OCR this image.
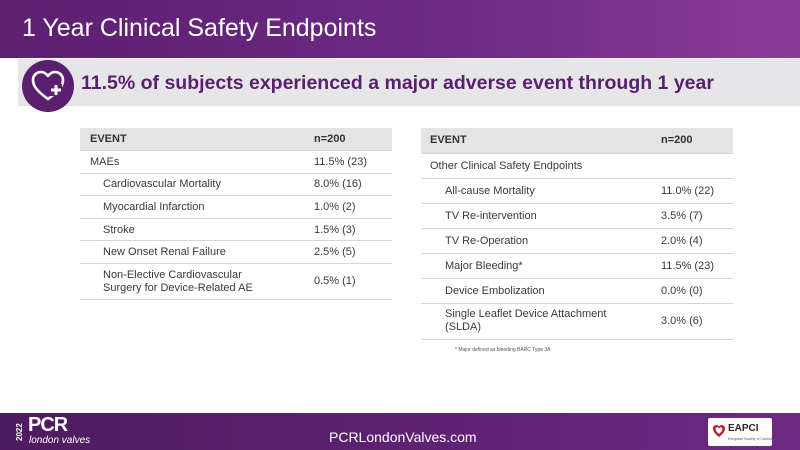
1 Year Clinical Safety Endpoints
11.5% of subjects experienced a major adverse event through 1 year
EVENT	n=200
MAEs	11.5% (23)
Cardiovascular Mortality	8.0% (16)
Myocardial Infarction	1.0% (2)
Stroke	1.5% (3)
New Onset Renal Failure	2.5% (5)
Non-Elective Cardiovascular
Surgery for Device-Related AE	0.5% (1)
EVENT	n=200
Other Clinical Safety Endpoints	
All-cause Mortality	11.0% (22)
TV Re-intervention	3.5% (7)
TV Re-Operation	2.0% (4)
Major Bleeding*	11.5% (23)
Device Embolization	0.0% (0)
Single Leaflet Device Attachment
(SLDA)	3.0% (6)
* Major defined as bleeding BARC Type 3A
2022 PCR
london valves	PCRLondonValves.com
EAPCI
European Society of Cardiology
